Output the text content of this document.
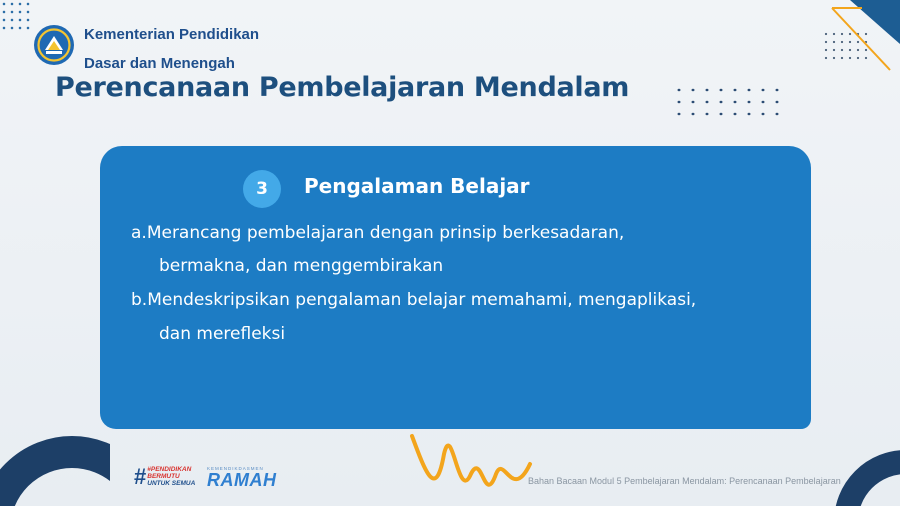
Kementerian Pendidikan
Dasar dan Menengah
Perencanaan Pembelajaran Mendalam
3	Pengalaman Belajar
a.Merancang pembelajaran dengan prinsip berkesadaran,
bermakna, dan menggembirakan
b.Mendeskripsikan pengalaman belajar memahami, mengaplikasi,
dan merefleksi
# #PENDIDIKAN
BERMUTU
UNTUK SEMUA
KEMENDIKDASMEN
RAMAH	Bahan Bacaan Modul 5 Pembelajaran Mendalam: Perencanaan Pembelajaran
